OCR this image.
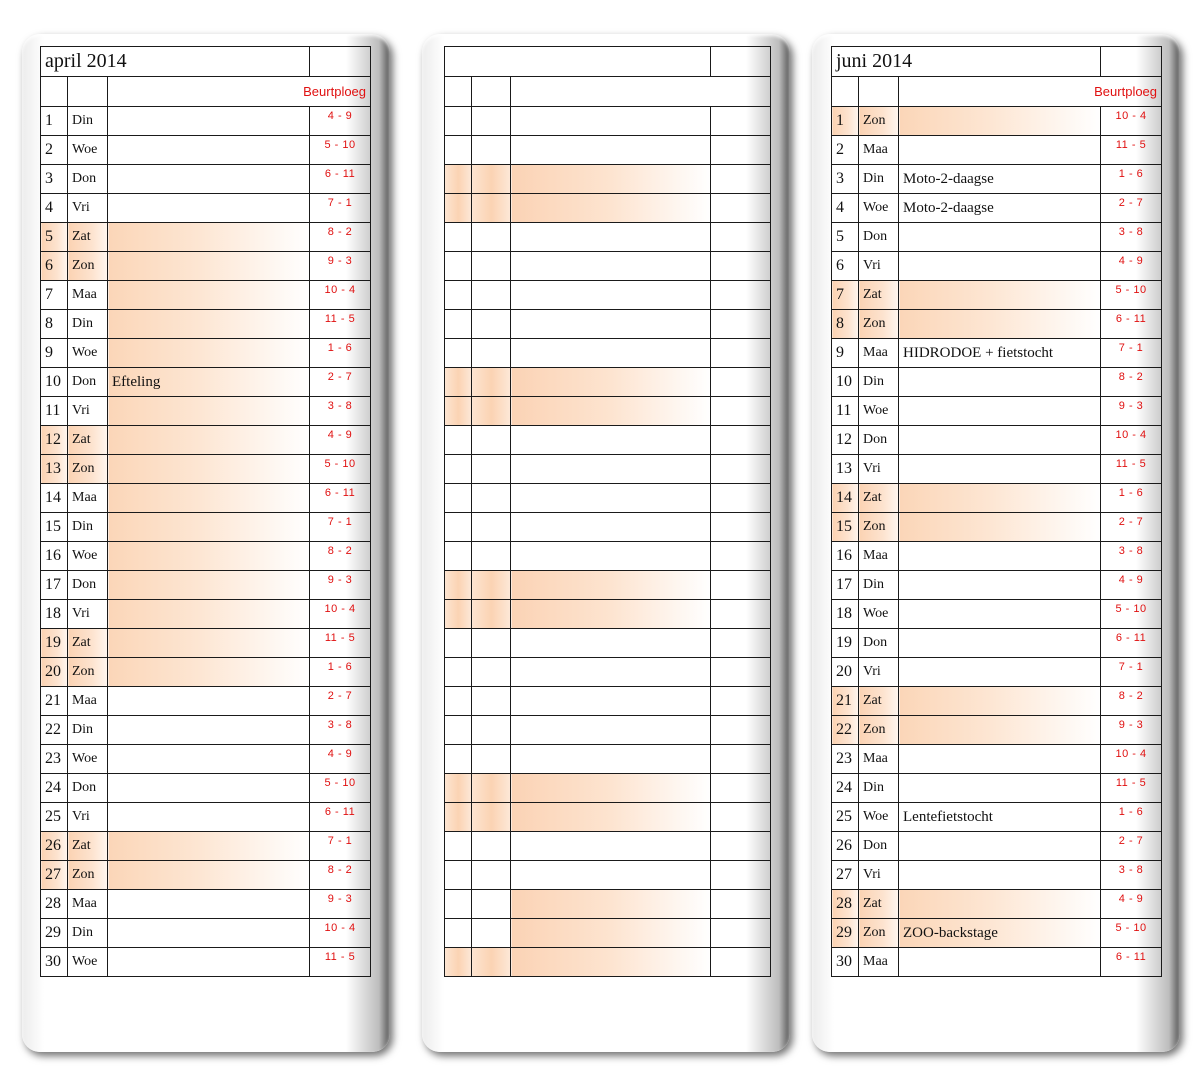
april 2014			
		Beurtploeg	
1	Din		4 - 9
2	Woe		5 - 10
3	Don		6 - 11
4	Vri		7 - 1
5	Zat		8 - 2
6	Zon		9 - 3
7	Maa		10 - 4
8	Din		11 - 5
9	Woe		1 - 6
10	Don	Efteling	2 - 7
11	Vri		3 - 8
12	Zat		4 - 9
13	Zon		5 - 10
14	Maa		6 - 11
15	Din		7 - 1
16	Woe		8 - 2
17	Don		9 - 3
18	Vri		10 - 4
19	Zat		11 - 5
20	Zon		1 - 6
21	Maa		2 - 7
22	Din		3 - 8
23	Woe		4 - 9
24	Don		5 - 10
25	Vri		6 - 11
26	Zat		7 - 1
27	Zon		8 - 2
28	Maa		9 - 3
29	Din		10 - 4
30	Woe		11 - 5

juni 2014			
		Beurtploeg	
1	Zon		10 - 4
2	Maa		11 - 5
3	Din	Moto-2-daagse	1 - 6
4	Woe	Moto-2-daagse	2 - 7
5	Don		3 - 8
6	Vri		4 - 9
7	Zat		5 - 10
8	Zon		6 - 11
9	Maa	HIDRODOE + fietstocht	7 - 1
10	Din		8 - 2
11	Woe		9 - 3
12	Don		10 - 4
13	Vri		11 - 5
14	Zat		1 - 6
15	Zon		2 - 7
16	Maa		3 - 8
17	Din		4 - 9
18	Woe		5 - 10
19	Don		6 - 11
20	Vri		7 - 1
21	Zat		8 - 2
22	Zon		9 - 3
23	Maa		10 - 4
24	Din		11 - 5
25	Woe	Lentefietstocht	1 - 6
26	Don		2 - 7
27	Vri		3 - 8
28	Zat		4 - 9
29	Zon	ZOO-backstage	5 - 10
30	Maa		6 - 11
